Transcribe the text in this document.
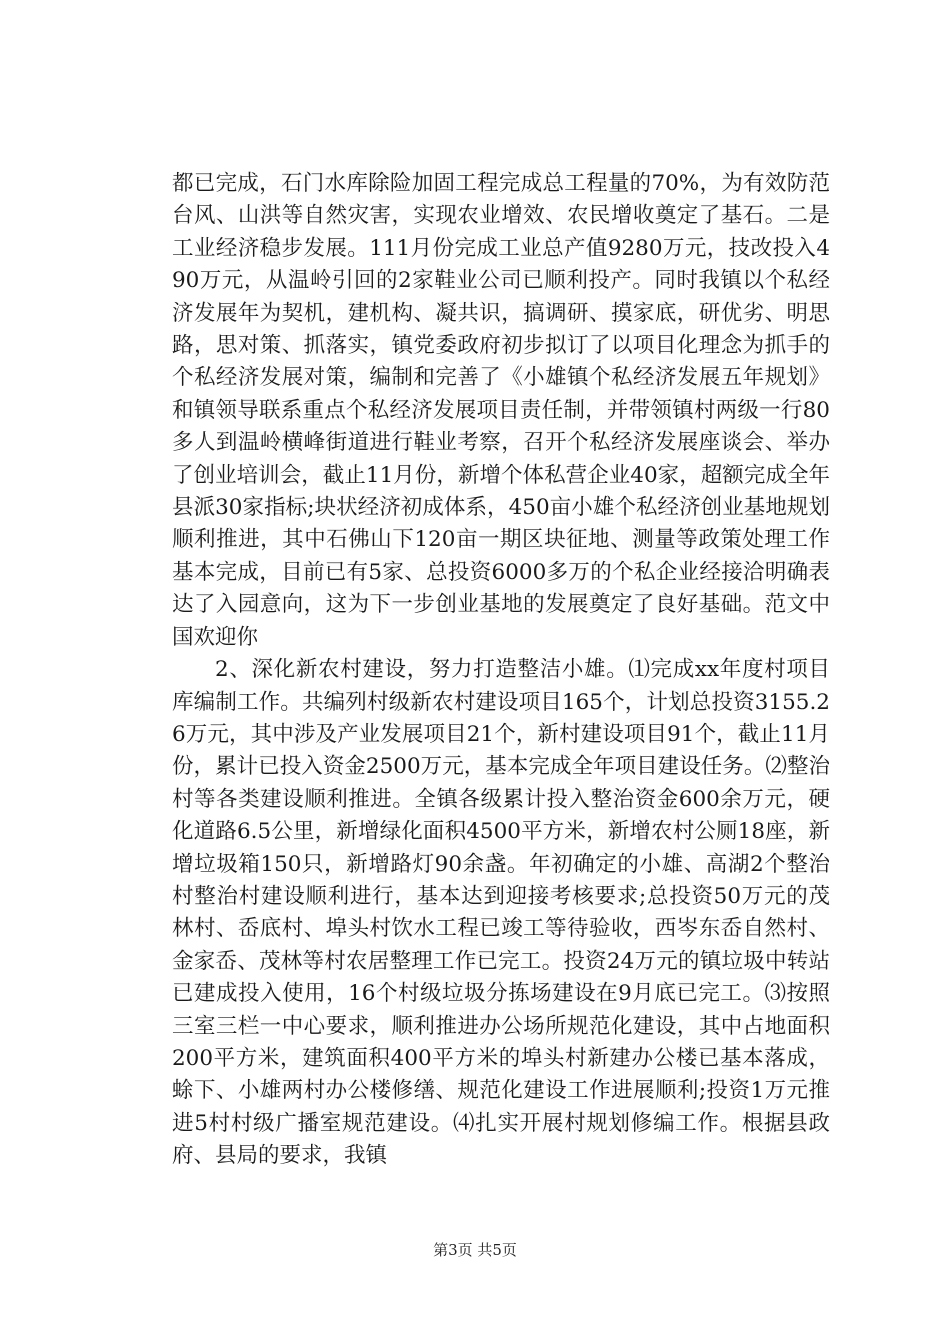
都已完成，石门水库除险加固工程完成总工程量的70%，为有效防范台风、山洪等自然灾害，实现农业增效、农民增收奠定了基石。二是工业经济稳步发展。111月份完成工业总产值9280万元，技改投入490万元，从温岭引回的2家鞋业公司已顺利投产。同时我镇以个私经济发展年为契机，建机构、凝共识，搞调研、摸家底，研优劣、明思路，思对策、抓落实，镇党委政府初步拟订了以项目化理念为抓手的个私经济发展对策，编制和完善了《小雄镇个私经济发展五年规划》和镇领导联系重点个私经济发展项目责任制，并带领镇村两级一行80多人到温岭横峰街道进行鞋业考察，召开个私经济发展座谈会、举办了创业培训会，截止11月份，新增个体私营企业40家，超额完成全年县派30家指标;块状经济初成体系，450亩小雄个私经济创业基地规划顺利推进，其中石佛山下120亩一期区块征地、测量等政策处理工作基本完成，目前已有5家、总投资6000多万的个私企业经接洽明确表达了入园意向，这为下一步创业基地的发展奠定了良好基础。范文中国欢迎你

2、深化新农村建设，努力打造整洁小雄。⑴完成xx年度村项目库编制工作。共编列村级新农村建设项目165个，计划总投资3155.26万元，其中涉及产业发展项目21个，新村建设项目91个，截止11月份，累计已投入资金2500万元，基本完成全年项目建设任务。⑵整治村等各类建设顺利推进。全镇各级累计投入整治资金600余万元，硬化道路6.5公里，新增绿化面积4500平方米，新增农村公厕18座，新增垃圾箱150只，新增路灯90余盏。年初确定的小雄、高湖2个整治村整治村建设顺利进行，基本达到迎接考核要求;总投资50万元的茂林村、岙底村、埠头村饮水工程已竣工等待验收，西岑东岙自然村、金家岙、茂林等村农居整理工作已完工。投资24万元的镇垃圾中转站已建成投入使用，16个村级垃圾分拣场建设在9月底已完工。⑶按照三室三栏一中心要求，顺利推进办公场所规范化建设，其中占地面积200平方米，建筑面积400平方米的埠头村新建办公楼已基本落成，蜍下、小雄两村办公楼修缮、规范化建设工作进展顺利;投资1万元推进5村村级广播室规范建设。⑷扎实开展村规划修编工作。根据县政府、县局的要求，我镇

第3页 共5页
